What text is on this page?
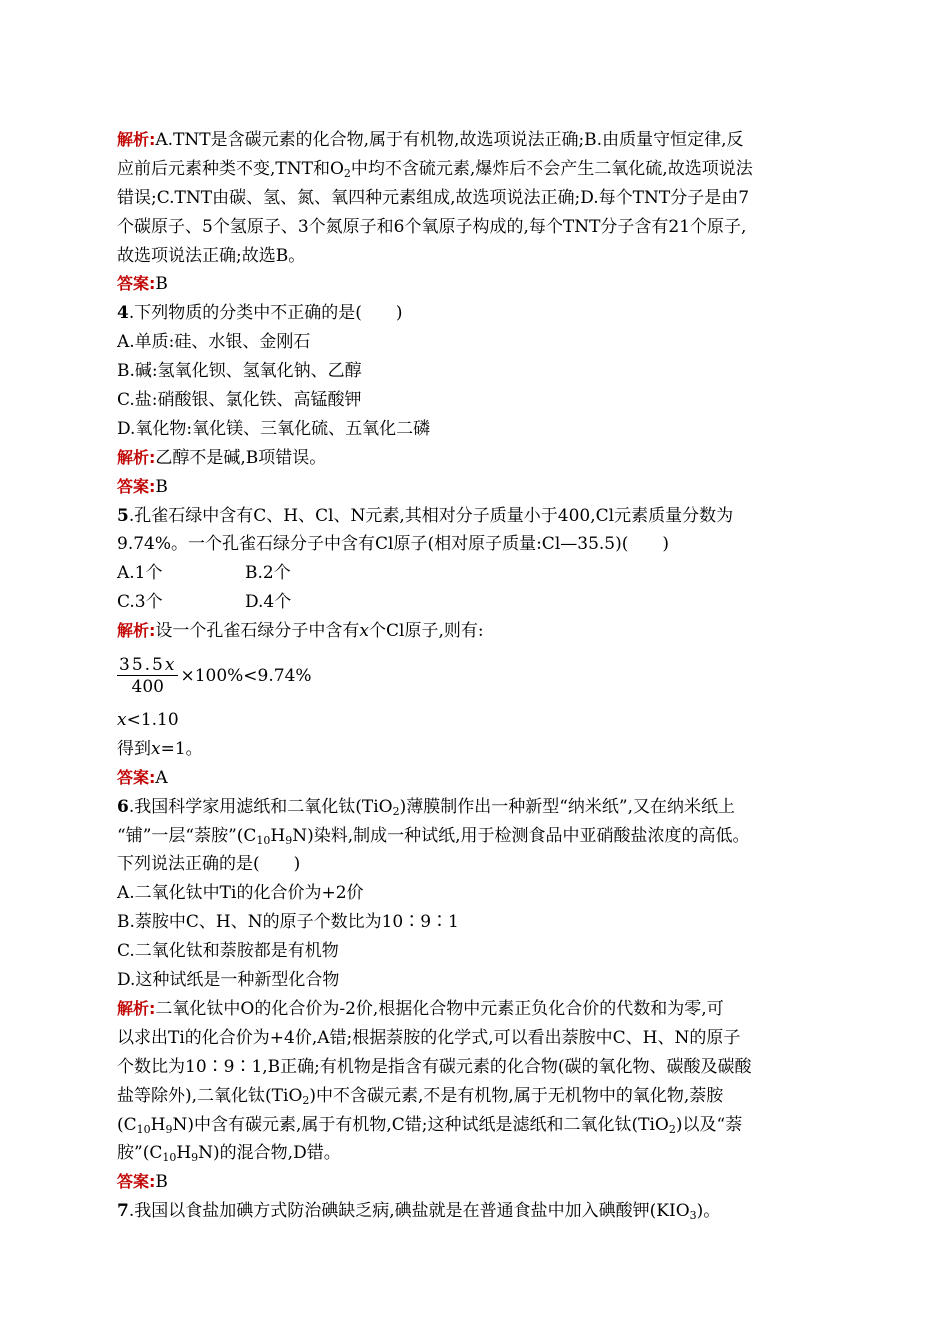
解析:A.TNT是含碳元素的化合物,属于有机物,故选项说法正确;B.由质量守恒定律,反
应前后元素种类不变,TNT和$O_2$中均不含硫元素,爆炸后不会产生二氧化硫,故选项说法
错误;C.TNT由碳、氢、氮、氧四种元素组成,故选项说法正确;D.每个TNT分子是由7
个碳原子、5个氢原子、3个氮原子和6个氧原子构成的,每个TNT分子含有21个原子,
故选项说法正确;故选B。
答案:B
4.下列物质的分类中不正确的是(　　)
A.单质:硅、水银、金刚石
B.碱:氢氧化钡、氢氧化钠、乙醇
C.盐:硝酸银、氯化铁、高锰酸钾
D.氧化物:氧化镁、三氧化硫、五氧化二磷
解析:乙醇不是碱,B项错误。
答案:B
5.孔雀石绿中含有C、H、Cl、N元素,其相对分子质量小于400,Cl元素质量分数为
9.74%。一个孔雀石绿分子中含有Cl原子(相对原子质量:Cl—35.5)(　　)
A.1个	B.2个
C.3个	D.4个
解析:设一个孔雀石绿分子中含有x个Cl原子,则有:
$\frac{35.5x}{400} \times 100\%<9.74\%$
x<1.10
得到x=1。
答案:A
6.我国科学家用滤纸和二氧化钛(TiO$_2$)薄膜制作出一种新型“纳米纸”,又在纳米纸上
“铺”一层“萘胺$”(C_{10}H_9N)$染料,制成一种试纸,用于检测食品中亚硝酸盐浓度的高低。
下列说法正确的是(　　)
A.二氧化钛中Ti的化合价为+2价
B.萘胺中C、H、N的原子个数比为10∶9∶1
C.二氧化钛和萘胺都是有机物
D.这种试纸是一种新型化合物
解析:二氧化钛中O的化合价为-2价,根据化合物中元素正负化合价的代数和为零,可
以求出Ti的化合价为+4价,A错;根据萘胺的化学式,可以看出萘胺中C、H、N的原子
个数比为10∶9∶1,B正确;有机物是指含有碳元素的化合物(碳的氧化物、碳酸及碳酸
盐等除外),二氧化钛(TiO$_2$)中不含碳元素,不是有机物,属于无机物中的氧化物,萘胺
$(C_{10}H_9N)$中含有碳元素,属于有机物,C错;这种试纸是滤纸和二氧化钛(TiO$_2$)以及“萘
胺$”(C_{10}H_9N)$的混合物,D错。
答案:B
7.我国以食盐加碘方式防治碘缺乏病,碘盐就是在普通食盐中加入碘酸钾$(KIO_3)$。
